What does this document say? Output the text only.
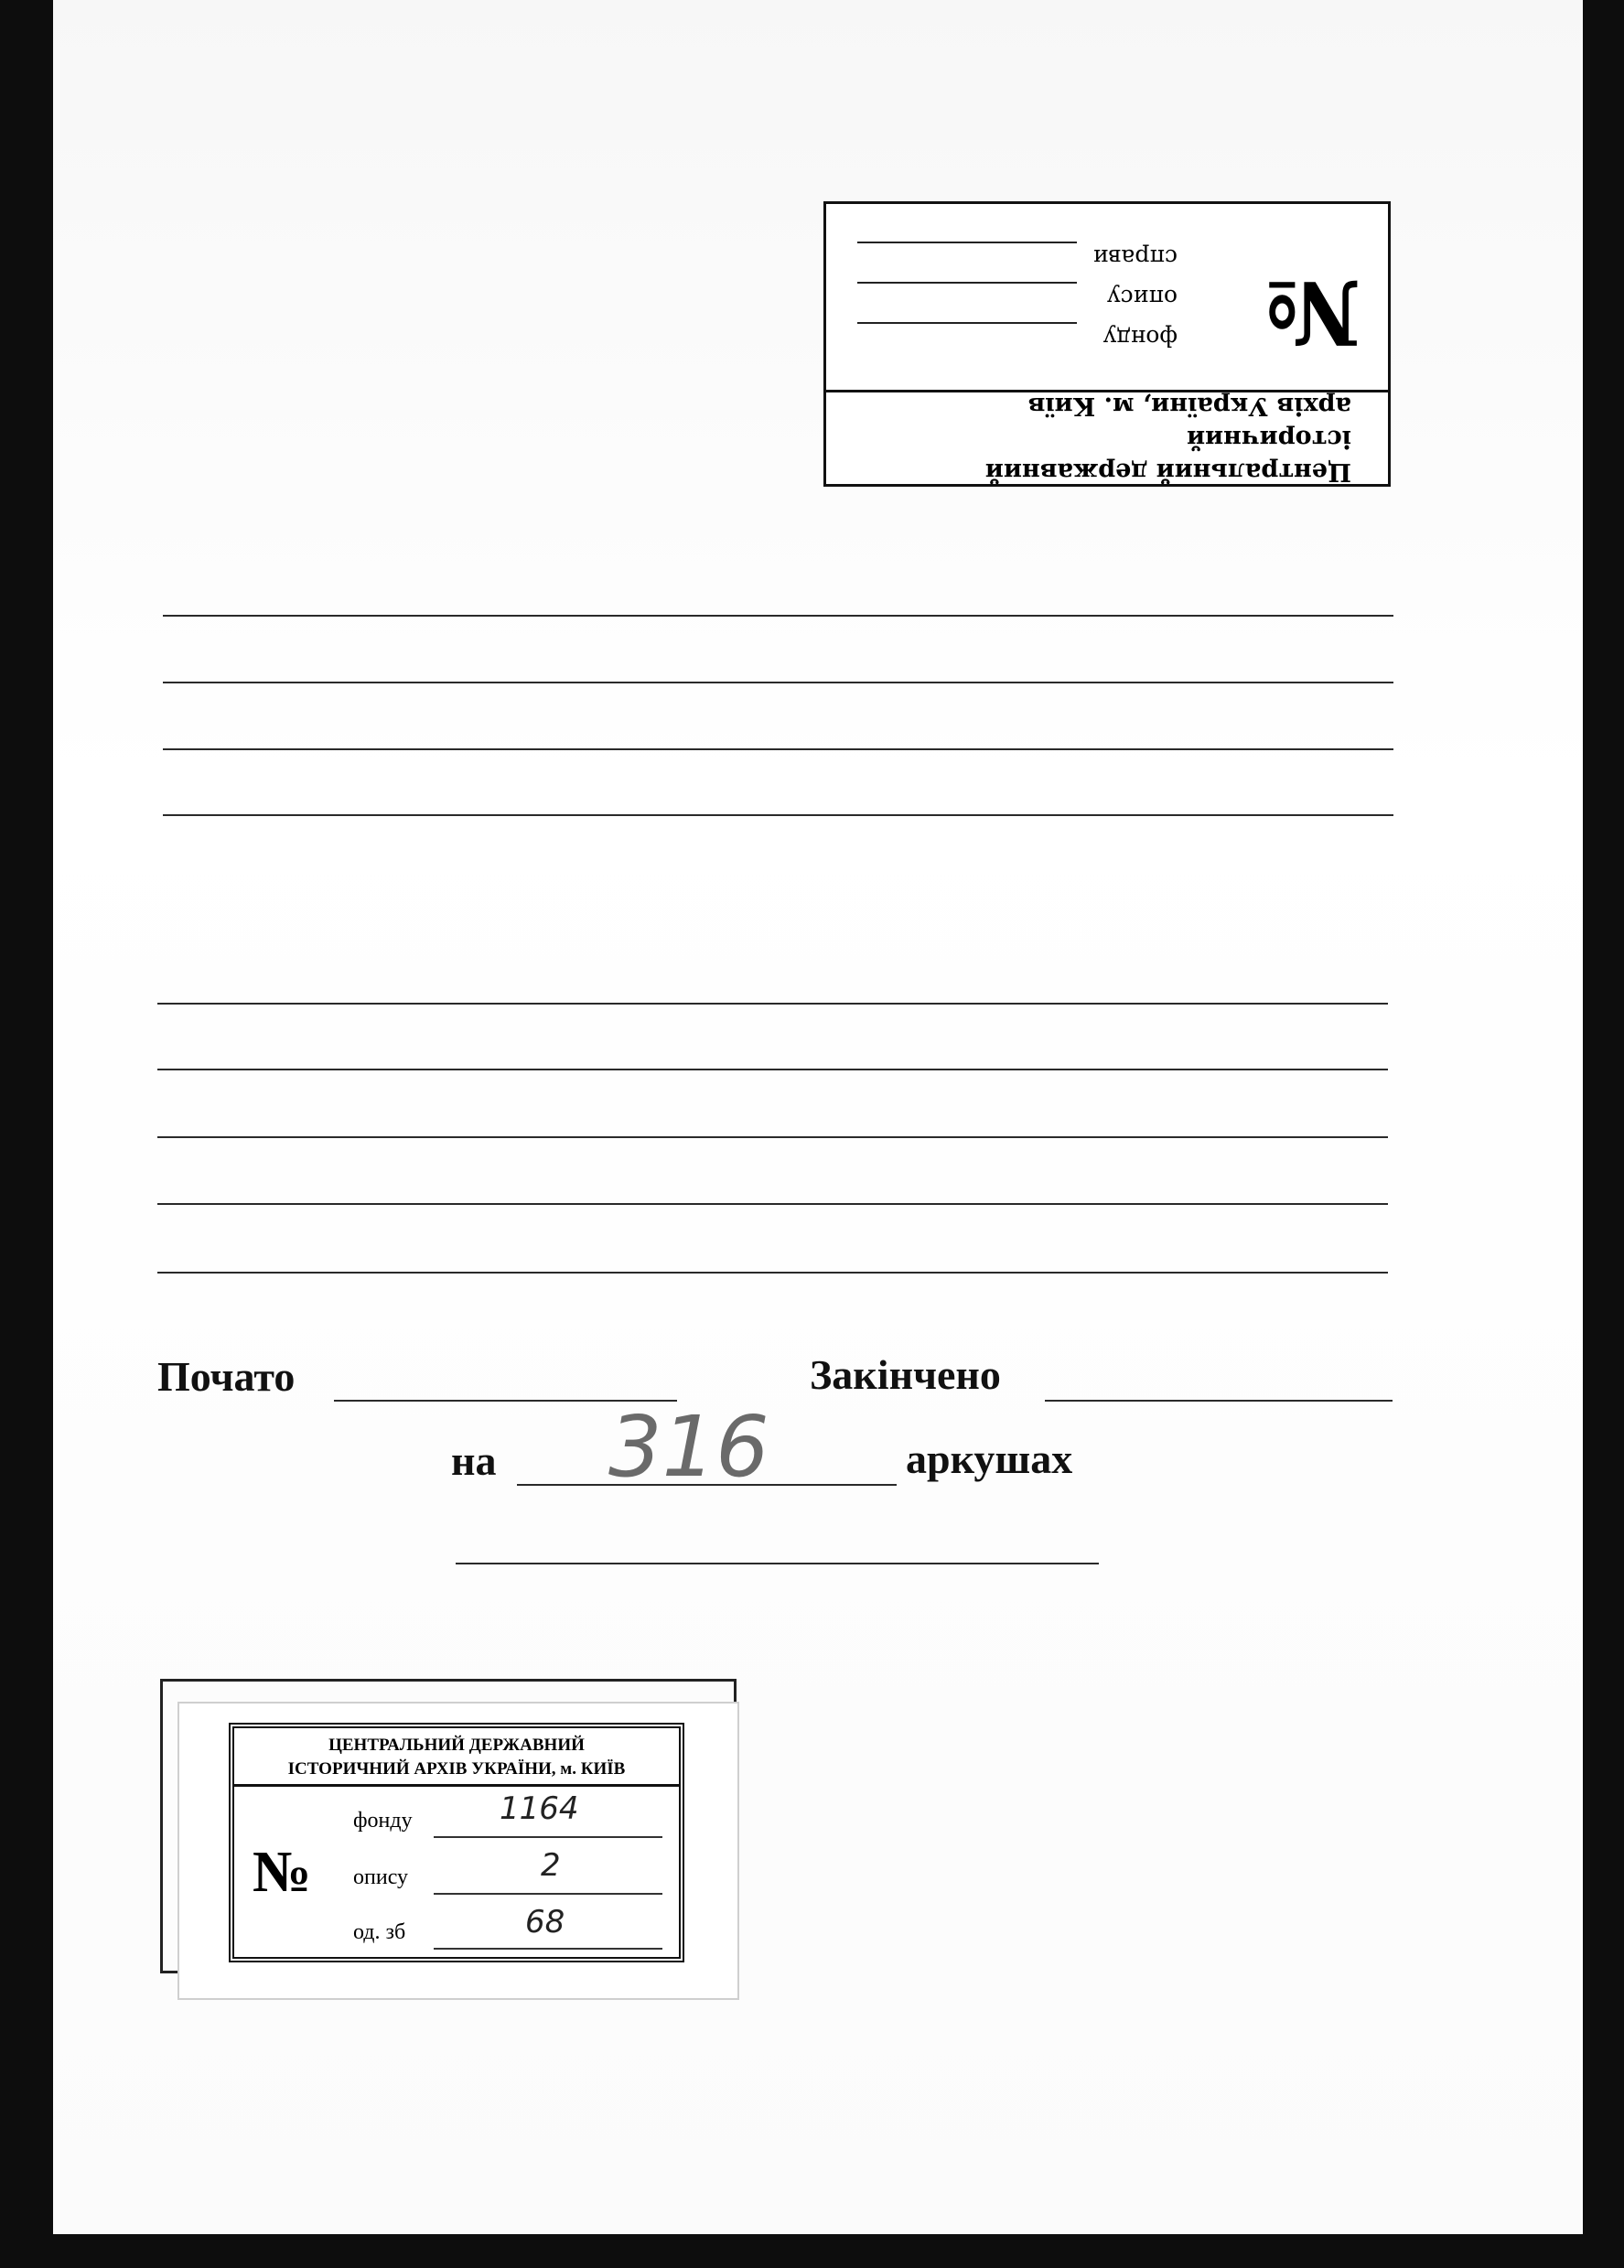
Центральний державний історичний
архів України, м. Київ
№
фонду
опису
справи
Почато	Закінчено
на 316	аркушах
ЦЕНТРАЛЬНИЙ ДЕРЖАВНИЙ
ІСТОРИЧНИЙ АРХІВ УКРАЇНИ, м. КИЇВ
№
фонду	1164
опису	2
од. зб	68
